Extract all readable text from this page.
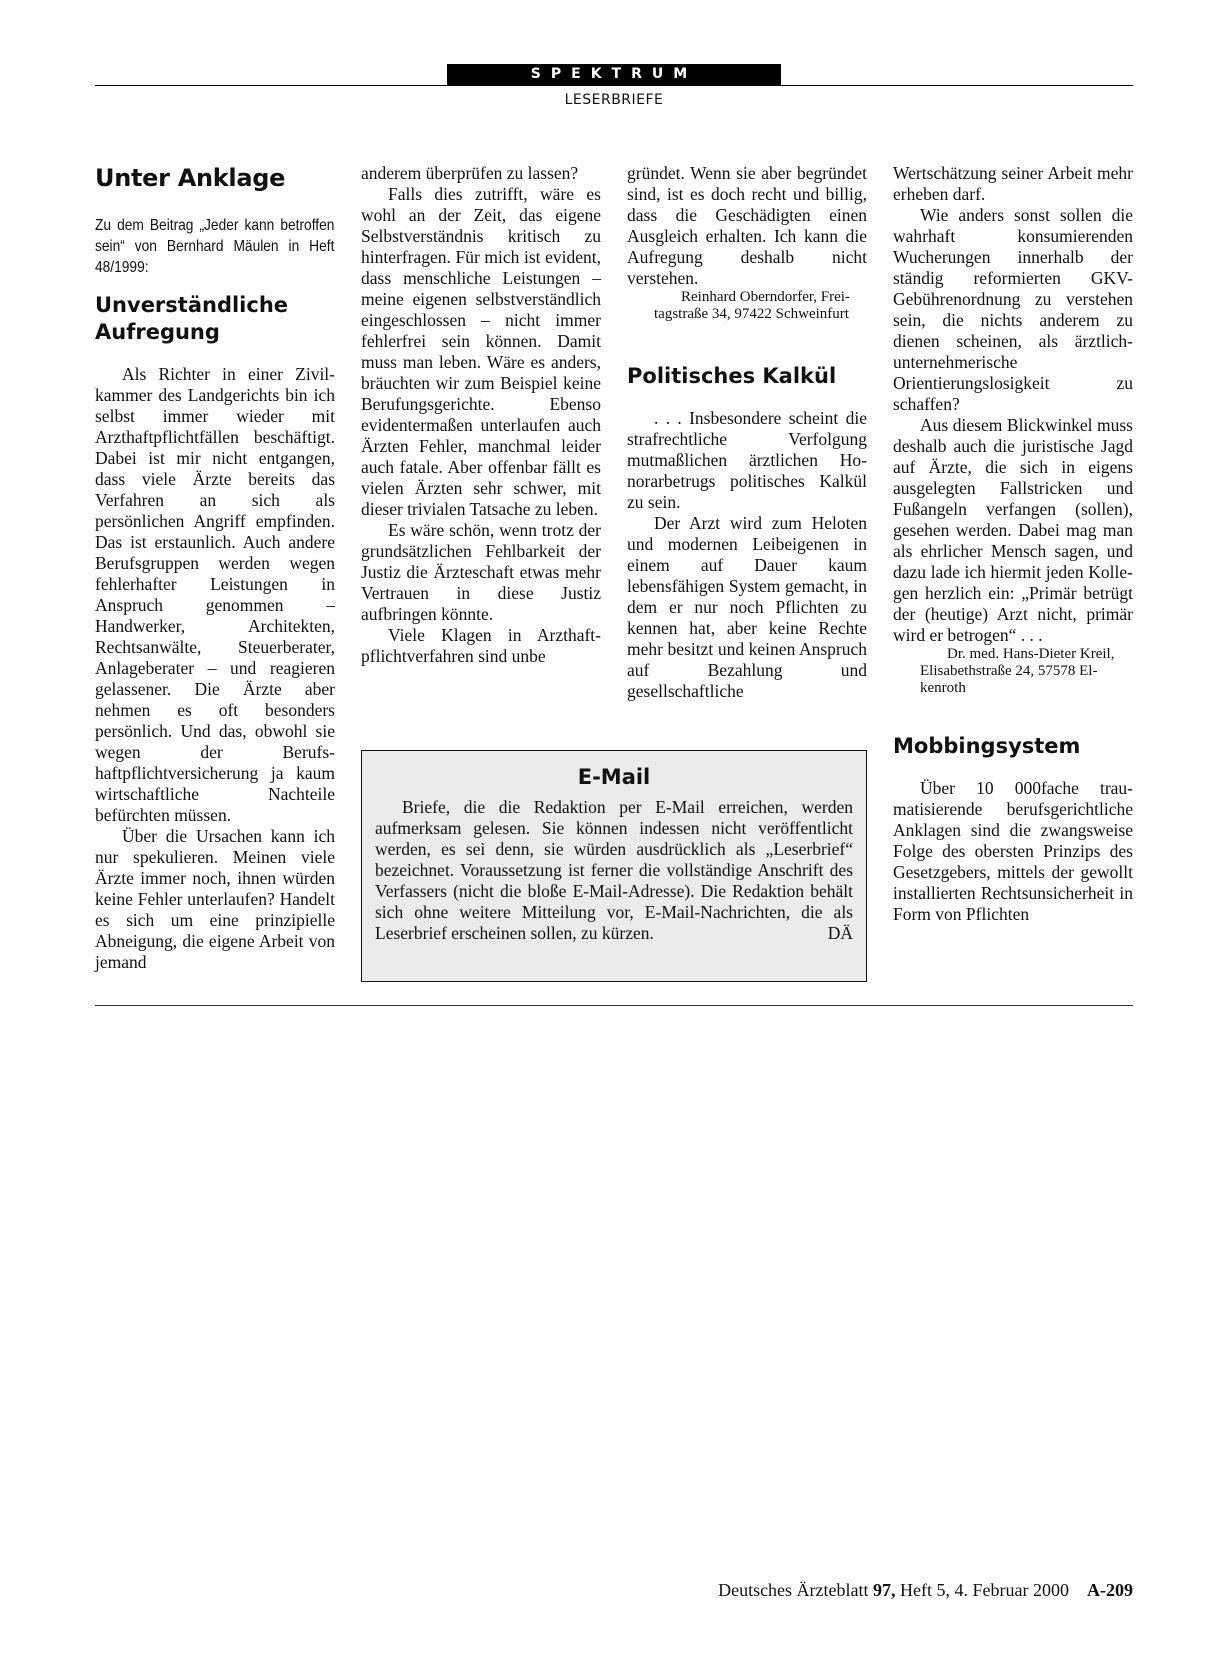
SPEKTRUM
LESERBRIEFE
Unter Anklage
Zu dem Beitrag „Jeder kann betroffen sein“ von Bernhard Mäulen in Heft 48/1999:
Unverständliche Aufregung

Als Richter in einer Zivilkammer des Landgerichts bin ich selbst immer wieder mit Arzthaftpflichtfällen beschäftigt. Dabei ist mir nicht entgangen, dass viele Ärzte bereits das Verfahren an sich als persönlichen Angriff empfinden. Das ist erstaunlich. Auch andere Berufsgruppen werden wegen fehlerhafter Leistungen in Anspruch genommen – Handwerker, Architekten, Rechtsanwälte, Steuerberater, Anlageberater – und reagieren gelassener. Die Ärzte aber nehmen es oft besonders persönlich. Und das, obwohl sie wegen der Berufshaftpflichtversicherung ja kaum wirtschaftliche Nachteile befürchten müssen.

Über die Ursachen kann ich nur spekulieren. Meinen viele Ärzte immer noch, ihnen würden keine Fehler unterlaufen? Handelt es sich um eine prinzipielle Abneigung, die eigene Arbeit von jemand

anderem überprüfen zu lassen?

Falls dies zutrifft, wäre es wohl an der Zeit, das eigene Selbstverständnis kritisch zu hinterfragen. Für mich ist evident, dass menschliche Leistungen – meine eigenen selbstverständlich eingeschlossen – nicht immer fehlerfrei sein können. Damit muss man leben. Wäre es anders, bräuchten wir zum Beispiel keine Berufungsgerichte. Ebenso evidentermaßen unterlaufen auch Ärzten Fehler, manchmal leider auch fatale. Aber offenbar fällt es vielen Ärzten sehr schwer, mit dieser trivialen Tatsache zu leben.

Es wäre schön, wenn trotz der grundsätzlichen Fehlbarkeit der Justiz die Ärzteschaft etwas mehr Vertrauen in diese Justiz aufbringen könnte.

Viele Klagen in Arzthaftpflichtverfahren sind unbe

gründet. Wenn sie aber begründet sind, ist es doch recht und billig, dass die Geschädigten einen Ausgleich erhalten. Ich kann die Aufregung deshalb nicht verstehen.

Reinhard Oberndorfer, Freitagstraße 34, 97422 Schweinfurt

Politisches Kalkül

. . . Insbesondere scheint die strafrechtliche Verfolgung mutmaßlichen ärztlichen Honorarbetrugs politisches Kalkül zu sein.

Der Arzt wird zum Heloten und modernen Leibeigenen in einem auf Dauer kaum lebensfähigen System gemacht, in dem er nur noch Pflichten zu kennen hat, aber keine Rechte mehr besitzt und keinen Anspruch auf Bezahlung und gesellschaftliche

Wertschätzung seiner Arbeit mehr erheben darf.

Wie anders sonst sollen die wahrhaft konsumierenden Wucherungen innerhalb der ständig reformierten GKV-Gebührenordnung zu verstehen sein, die nichts anderem zu dienen scheinen, als ärztlich-unternehmerische Orientierungslosigkeit zu schaffen?

Aus diesem Blickwinkel muss deshalb auch die juristische Jagd auf Ärzte, die sich in eigens ausgelegten Fallstricken und Fußangeln verfangen (sollen), gesehen werden. Dabei mag man als ehrlicher Mensch sagen, und dazu lade ich hiermit jeden Kollegen herzlich ein: „Primär betrügt der (heutige) Arzt nicht, primär wird er betrogen“ . . .

Dr. med. Hans-Dieter Kreil, Elisabethstraße 24, 57578 Elkenroth

Mobbingsystem

Über 10 000fache traumatisierende berufsgerichtliche Anklagen sind die zwangsweise Folge des obersten Prinzips des Gesetzgebers, mittels der gewollt installierten Rechtsunsicherheit in Form von Pflichten

E-Mail

Briefe, die die Redaktion per E-Mail erreichen, werden aufmerksam gelesen. Sie können indessen nicht veröffentlicht werden, es sei denn, sie würden ausdrücklich als „Leserbrief“ bezeichnet. Voraussetzung ist ferner die vollständige Anschrift des Verfassers (nicht die bloße E-Mail-Adresse). Die Redaktion behält sich ohne weitere Mitteilung vor, E-Mail-Nachrichten, die als Leserbrief erscheinen sollen, zu kürzen.	DÄ

Deutsches Ärzteblatt 97, Heft 5, 4. Februar 2000 A-209
